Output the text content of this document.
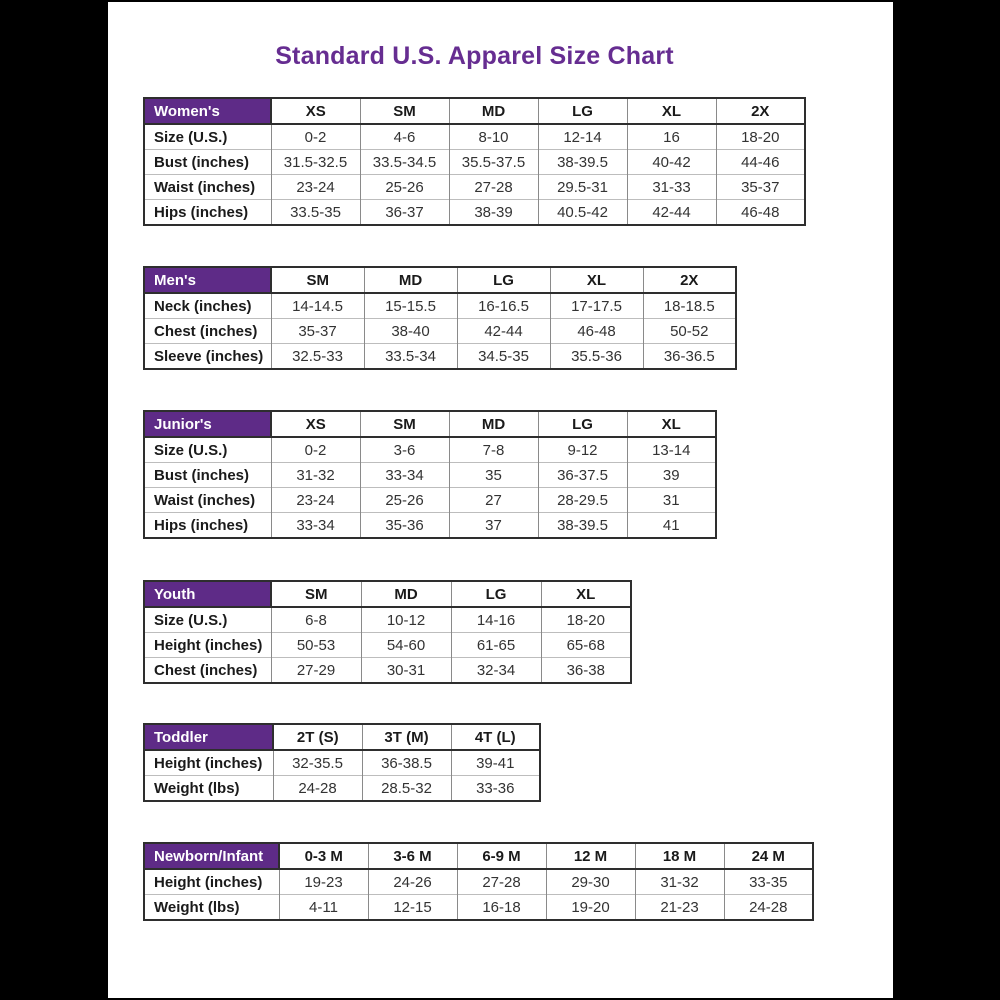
Standard U.S. Apparel Size Chart
Women's	XS	SM	MD	LG	XL	2X
Size (U.S.)	0-2	4-6	8-10	12-14	16	18-20
Bust (inches)	31.5-32.5	33.5-34.5	35.5-37.5	38-39.5	40-42	44-46
Waist (inches)	23-24	25-26	27-28	29.5-31	31-33	35-37
Hips (inches)	33.5-35	36-37	38-39	40.5-42	42-44	46-48
Men's	SM	MD	LG	XL	2X
Neck (inches)	14-14.5	15-15.5	16-16.5	17-17.5	18-18.5
Chest (inches)	35-37	38-40	42-44	46-48	50-52
Sleeve (inches)	32.5-33	33.5-34	34.5-35	35.5-36	36-36.5
Junior's	XS	SM	MD	LG	XL
Size (U.S.)	0-2	3-6	7-8	9-12	13-14
Bust (inches)	31-32	33-34	35	36-37.5	39
Waist (inches)	23-24	25-26	27	28-29.5	31
Hips (inches)	33-34	35-36	37	38-39.5	41
Youth	SM	MD	LG	XL
Size (U.S.)	6-8	10-12	14-16	18-20
Height (inches)	50-53	54-60	61-65	65-68
Chest (inches)	27-29	30-31	32-34	36-38
Toddler	2T (S)	3T (M)	4T (L)
Height (inches)	32-35.5	36-38.5	39-41
Weight (lbs)	24-28	28.5-32	33-36
Newborn/Infant	0-3 M	3-6 M	6-9 M	12 M	18 M	24 M
Height (inches)	19-23	24-26	27-28	29-30	31-32	33-35
Weight (lbs)	4-11	12-15	16-18	19-20	21-23	24-28
